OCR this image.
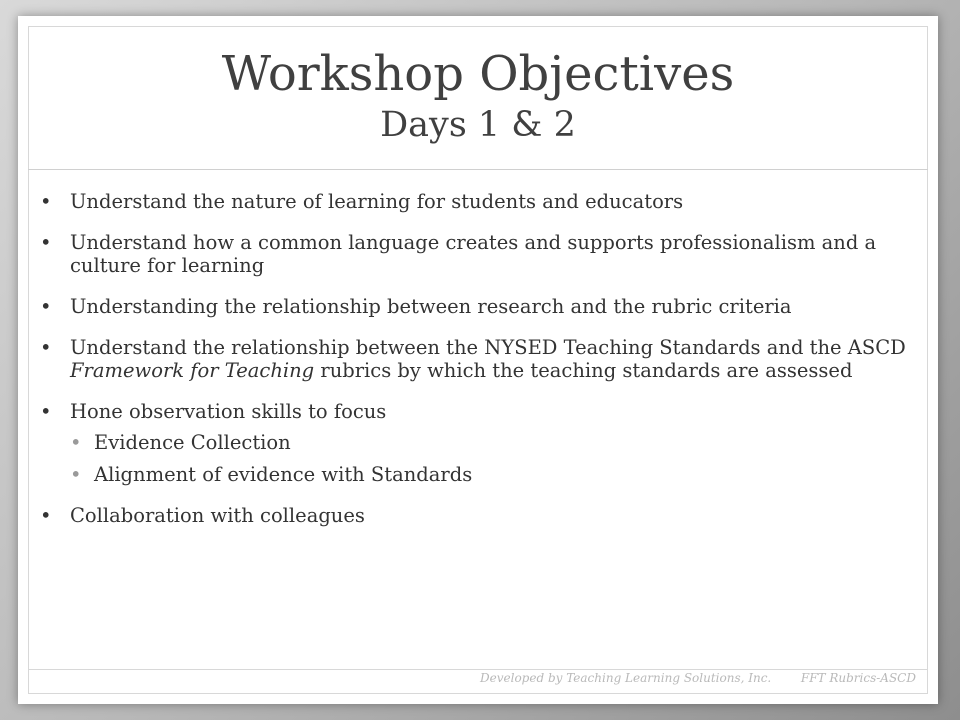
Workshop Objectives
Days 1 & 2
• Understand the nature of learning for students and educators
• Understand how a common language creates and supports professionalism and a culture for learning
• Understanding the relationship between research and the rubric criteria
• Understand the relationship between the NYSED Teaching Standards and the ASCD Framework for Teaching rubrics by which the teaching standards are assessed
• Hone observation skills to focus
• Evidence Collection
• Alignment of evidence with Standards
• Collaboration with colleagues
Developed by Teaching Learning Solutions, Inc. FFT Rubrics-ASCD
